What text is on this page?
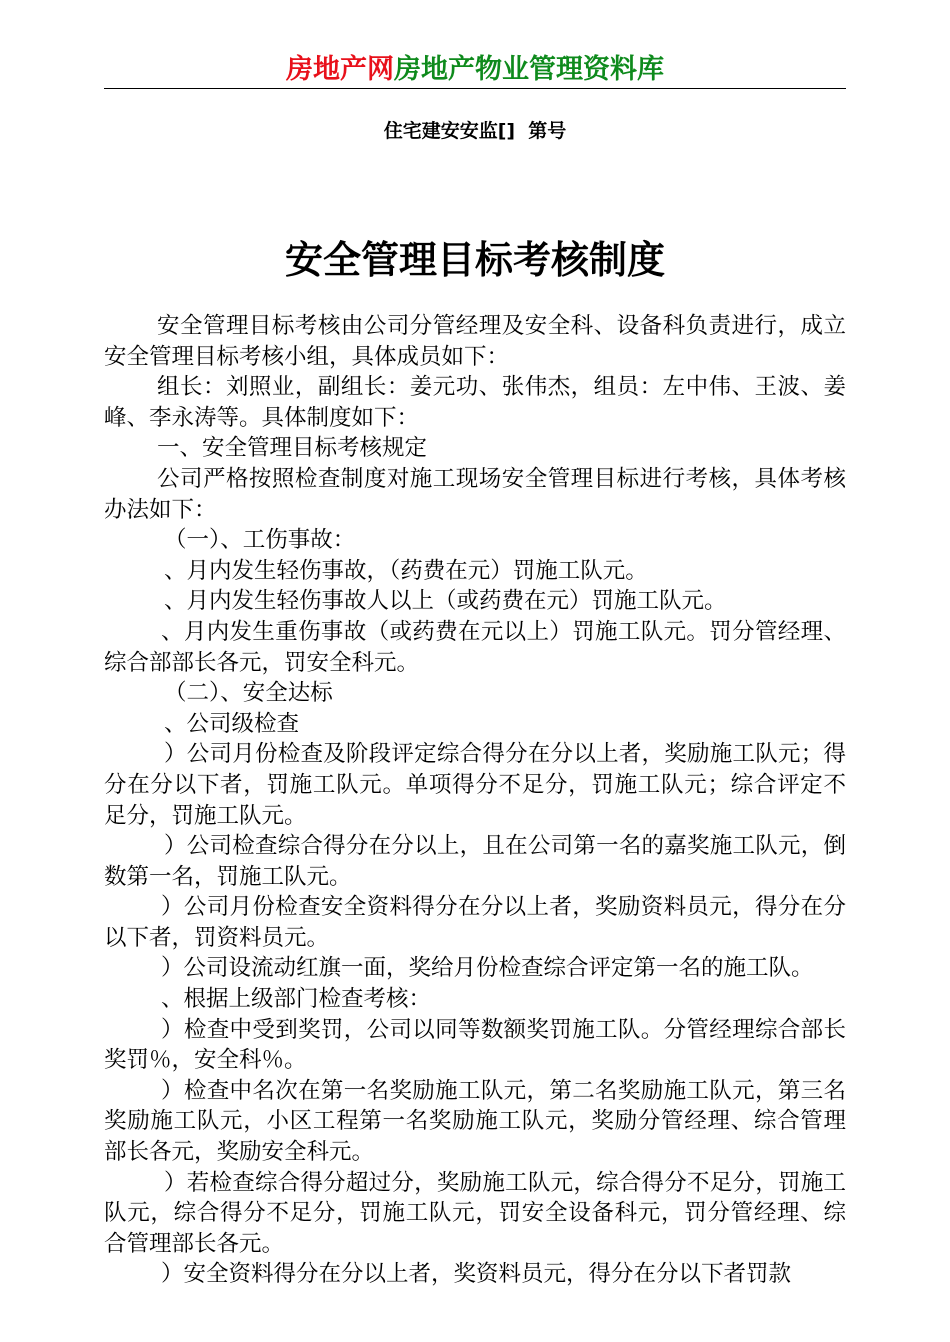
房地产网房地产物业管理资料库
住宅建安安监[]  第号
安全管理目标考核制度

安全管理目标考核由公司分管经理及安全科、设备科负责进行，成立安全管理目标考核小组，具体成员如下：

组长：刘照业，副组长：姜元功、张伟杰，组员：左中伟、王波、姜峰、李永涛等。具体制度如下：

一、安全管理目标考核规定

公司严格按照检查制度对施工现场安全管理目标进行考核，具体考核办法如下：

（一）、工伤事故：

、月内发生轻伤事故，（药费在元）罚施工队元。

、月内发生轻伤事故人以上（或药费在元）罚施工队元。

、月内发生重伤事故（或药费在元以上）罚施工队元。罚分管经理、综合部部长各元，罚安全科元。

（二）、安全达标

、公司级检查

）公司月份检查及阶段评定综合得分在分以上者，奖励施工队元；得分在分以下者，罚施工队元。单项得分不足分，罚施工队元；综合评定不足分，罚施工队元。

）公司检查综合得分在分以上，且在公司第一名的嘉奖施工队元，倒数第一名，罚施工队元。

）公司月份检查安全资料得分在分以上者，奖励资料员元，得分在分以下者，罚资料员元。

）公司设流动红旗一面，奖给月份检查综合评定第一名的施工队。

、根据上级部门检查考核：

）检查中受到奖罚，公司以同等数额奖罚施工队。分管经理综合部长奖罚％，安全科％。

）检查中名次在第一名奖励施工队元，第二名奖励施工队元，第三名奖励施工队元，小区工程第一名奖励施工队元，奖励分管经理、综合管理部长各元，奖励安全科元。

）若检查综合得分超过分，奖励施工队元，综合得分不足分，罚施工队元，综合得分不足分，罚施工队元，罚安全设备科元，罚分管经理、综合管理部长各元。

）安全资料得分在分以上者，奖资料员元，得分在分以下者罚款
